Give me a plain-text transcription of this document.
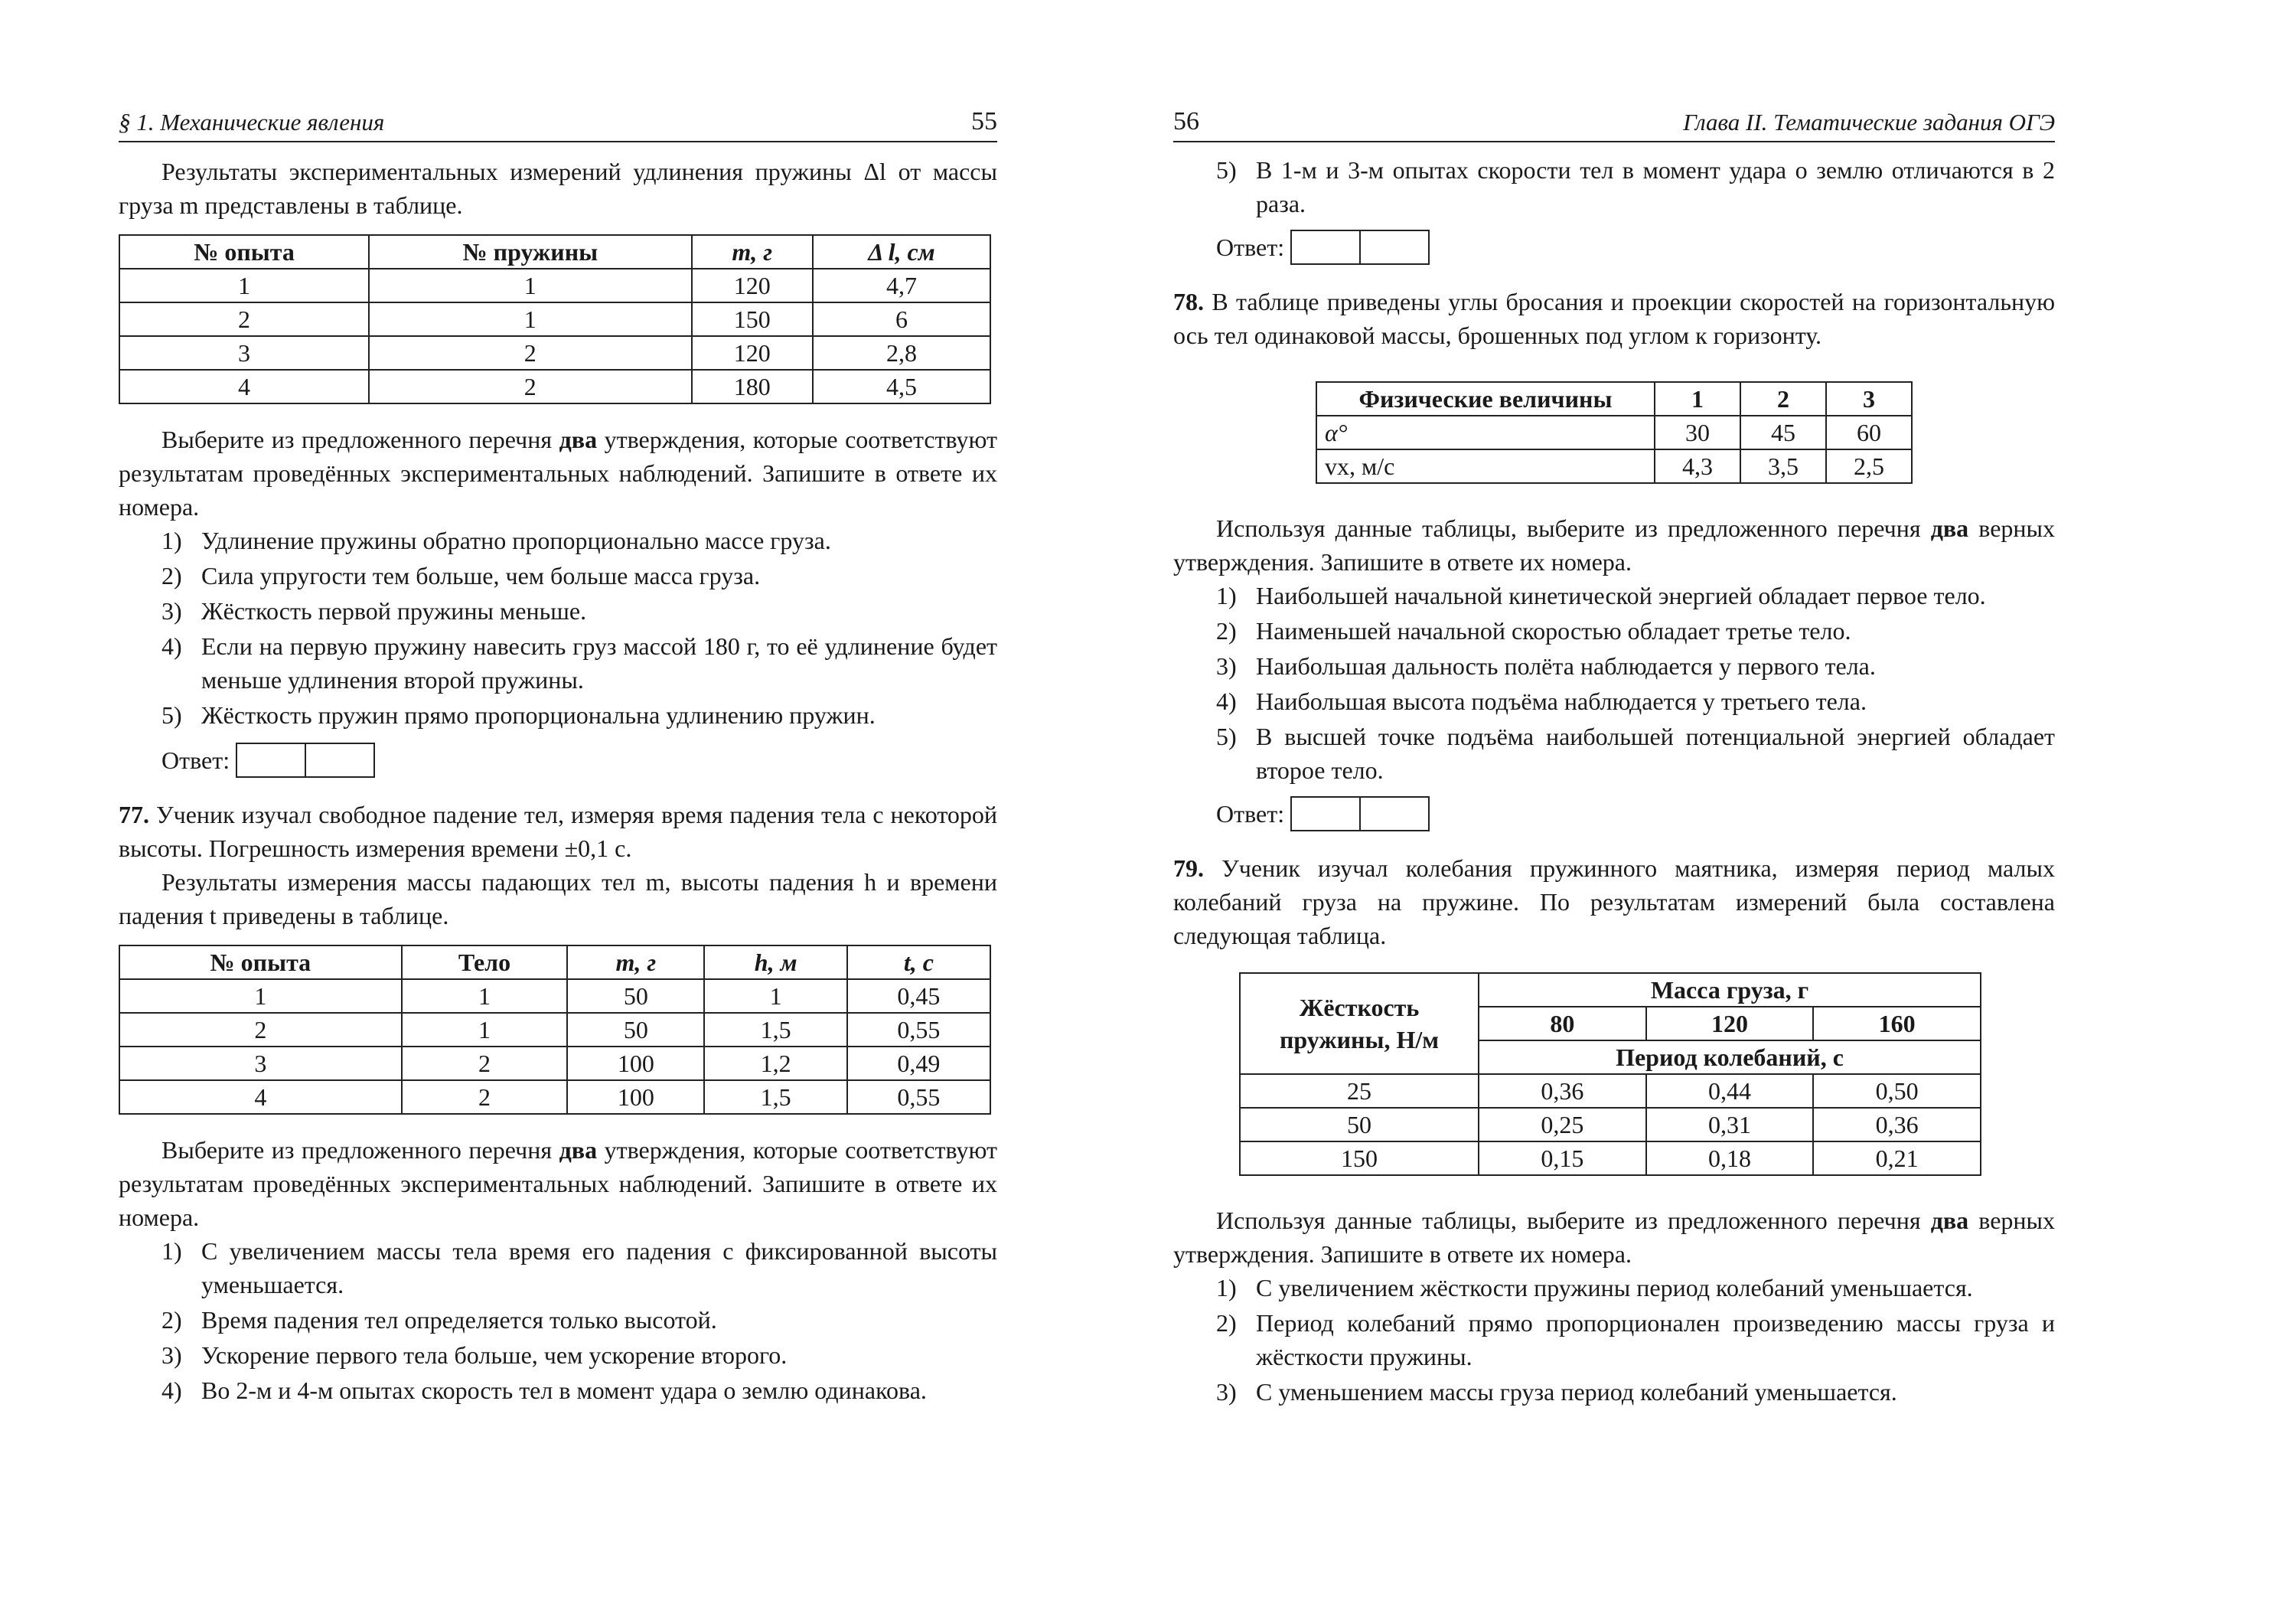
§ 1. Механические явления	55

Результаты экспериментальных измерений удлинения пружины Δl от массы груза m представлены в таблице.

№ опыта	№ пружины	m, г	Δ l, см
1	1	120	4,7
2	1	150	6
3	2	120	2,8
4	2	180	4,5

Выберите из предложенного перечня два утверждения, которые соответствуют результатам проведённых экспериментальных наблюдений. Запишите в ответе их номера.

1) Удлинение пружины обратно пропорционально массе груза.
2) Сила упругости тем больше, чем больше масса груза.
3) Жёсткость первой пружины меньше.
4) Если на первую пружину навесить груз массой 180 г, то её удлинение будет меньше удлинения второй пружины.
5) Жёсткость пружин прямо пропорциональна удлинению пружин.
Ответ:

77. Ученик изучал свободное падение тел, измеряя время падения тела с некоторой высоты. Погрешность измерения времени ±0,1 с.

Результаты измерения массы падающих тел m, высоты падения h и времени падения t приведены в таблице.

№ опыта	Тело	m, г	h, м	t, с
1	1	50	1	0,45
2	1	50	1,5	0,55
3	2	100	1,2	0,49
4	2	100	1,5	0,55

Выберите из предложенного перечня два утверждения, которые соответствуют результатам проведённых экспериментальных наблюдений. Запишите в ответе их номера.

1) С увеличением массы тела время его падения с фиксированной высоты уменьшается.
2) Время падения тел определяется только высотой.
3) Ускорение первого тела больше, чем ускорение второго.
4) Во 2-м и 4-м опытах скорость тел в момент удара о землю одинакова.
56	Глава II. Тематические задания ОГЭ
5) В 1-м и 3-м опытах скорости тел в момент удара о землю отличаются в 2 раза.
Ответ:

78. В таблице приведены углы бросания и проекции скоростей на горизонтальную ось тел одинаковой массы, брошенных под углом к горизонту.

Физические величины	1	2	3
α°	30	45	60
vx, м/с	4,3	3,5	2,5

Используя данные таблицы, выберите из предложенного перечня два верных утверждения. Запишите в ответе их номера.

1) Наибольшей начальной кинетической энергией обладает первое тело.
2) Наименьшей начальной скоростью обладает третье тело.
3) Наибольшая дальность полёта наблюдается у первого тела.
4) Наибольшая высота подъёма наблюдается у третьего тела.
5) В высшей точке подъёма наибольшей потенциальной энергией обладает второе тело.
Ответ:

79. Ученик изучал колебания пружинного маятника, измеряя период малых колебаний груза на пружине. По результатам измерений была составлена следующая таблица.

Жёсткость пружины, Н/м	Масса груза, г		
	80	120	160
	Период колебаний, с		
25	0,36	0,44	0,50
50	0,25	0,31	0,36
150	0,15	0,18	0,21

Используя данные таблицы, выберите из предложенного перечня два верных утверждения. Запишите в ответе их номера.

1) С увеличением жёсткости пружины период колебаний уменьшается.
2) Период колебаний прямо пропорционален произведению массы груза и жёсткости пружины.
3) С уменьшением массы груза период колебаний уменьшается.
